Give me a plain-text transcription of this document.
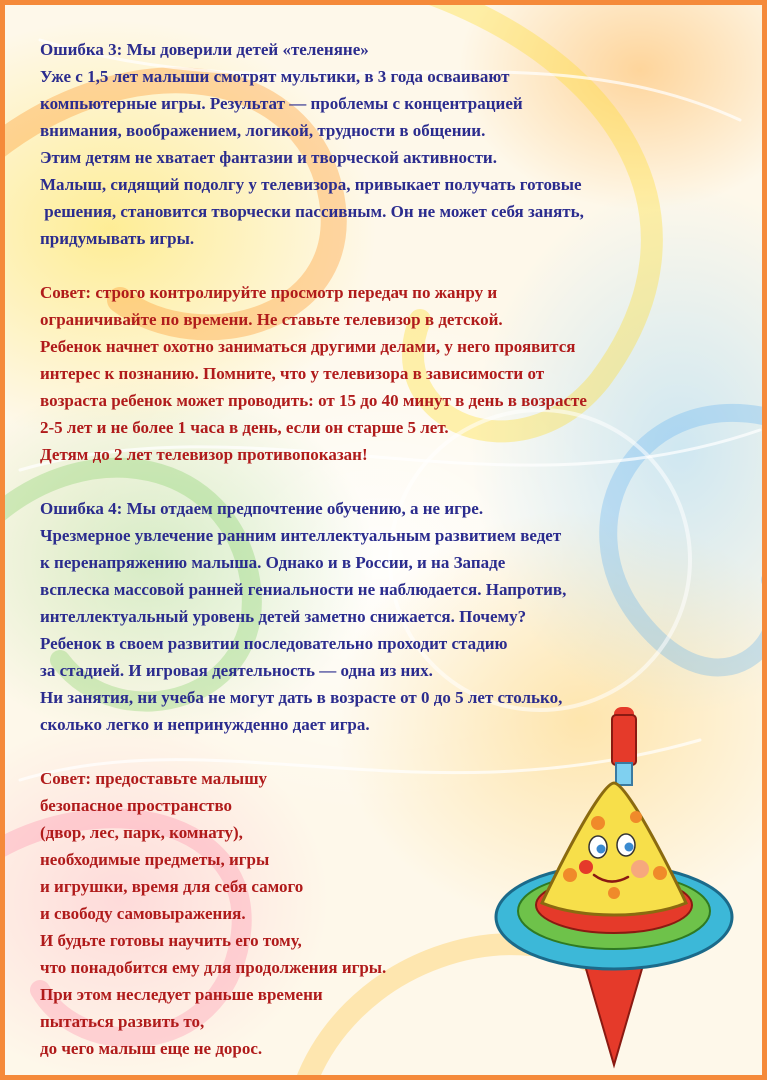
Ошибка 3: Мы доверили детей «теленяне»
Уже с 1,5 лет малыши смотрят мультики, в 3 года осваивают
компьютерные игры. Результат — проблемы с концентрацией
внимания, воображением, логикой, трудности в общении.
Этим детям не хватает фантазии и творческой активности.
Малыш, сидящий подолгу у телевизора, привыкает получать готовые
решения, становится творчески пассивным. Он не может себя занять,
придумывать игры.
Совет: строго контролируйте просмотр передач по жанру и
ограничивайте по времени. Не ставьте телевизор в детской.
Ребенок начнет охотно заниматься другими делами, у него проявится
интерес к познанию. Помните, что у телевизора в зависимости от
возраста ребенок может проводить: от 15 до 40 минут в день в возрасте
2-5 лет и не более 1 часа в день, если он старше 5 лет.
Детям до 2 лет телевизор противопоказан!
Ошибка 4: Мы отдаем предпочтение обучению, а не игре.
Чрезмерное увлечение ранним интеллектуальным развитием ведет
к перенапряжению малыша. Однако и в России, и на Западе
всплеска массовой ранней гениальности не наблюдается. Напротив,
интеллектуальный уровень детей заметно снижается. Почему?
Ребенок в своем развитии последовательно проходит стадию
за стадией. И игровая деятельность — одна из них.
Ни занятия, ни учеба не могут дать в возрасте от 0 до 5 лет столько,
сколько легко и непринужденно дает игра.
Совет: предоставьте малышу
безопасное пространство
(двор, лес, парк, комнату),
необходимые предметы, игры
и игрушки, время для себя самого
и свободу самовыражения.
И будьте готовы научить его тому,
что понадобится ему для продолжения игры.
При этом неследует раньше времени
пытаться развить то,
до чего малыш еще не дорос.
